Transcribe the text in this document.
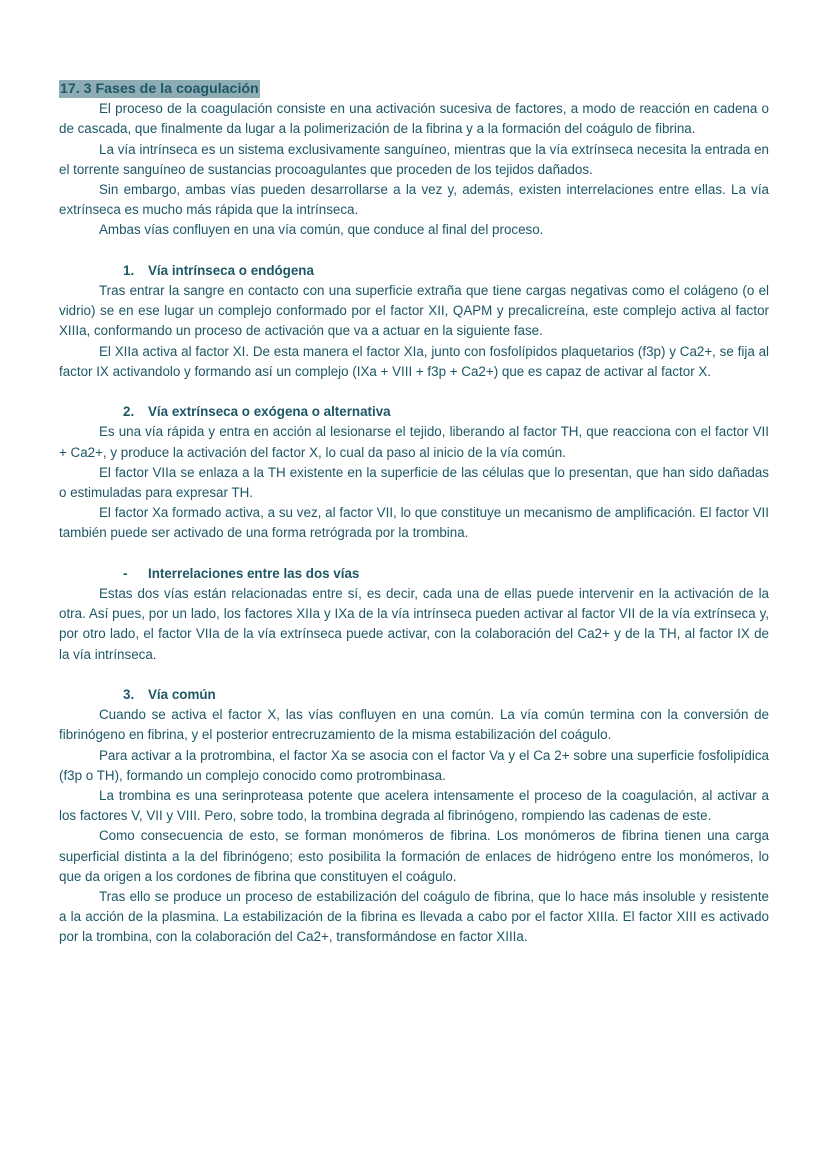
17. 3 Fases de la coagulación

El proceso de la coagulación consiste en una activación sucesiva de factores, a modo de reacción en cadena o de cascada, que finalmente da lugar a la polimerización de la fibrina y a la formación del coágulo de fibrina.

La vía intrínseca es un sistema exclusivamente sanguíneo, mientras que la vía extrínseca necesita la entrada en el torrente sanguíneo de sustancias procoagulantes que proceden de los tejidos dañados.

Sin embargo, ambas vías pueden desarrollarse a la vez y, además, existen interrelaciones entre ellas. La vía extrínseca es mucho más rápida que la intrínseca.

Ambas vías confluyen en una vía común, que conduce al final del proceso.

1. Vía intrínseca o endógena

Tras entrar la sangre en contacto con una superficie extraña que tiene cargas negativas como el colágeno (o el vidrio) se en ese lugar un complejo conformado por el factor XII, QAPM y precalicreína, este complejo activa al factor XIIIa, conformando un proceso de activación que va a actuar en la siguiente fase.

El XIIa activa al factor XI. De esta manera el factor XIa, junto con fosfolípidos plaquetarios (f3p) y Ca2+, se fija al factor IX activandolo y formando así un complejo (IXa + VIII + f3p + Ca2+) que es capaz de activar al factor X.

2. Vía extrínseca o exógena o alternativa

Es una vía rápida y entra en acción al lesionarse el tejido, liberando al factor TH, que reacciona con el factor VII + Ca2+, y produce la activación del factor X, lo cual da paso al inicio de la vía común.

El factor VIIa se enlaza a la TH existente en la superficie de las células que lo presentan, que han sido dañadas o estimuladas para expresar TH.

El factor Xa formado activa, a su vez, al factor VII, lo que constituye un mecanismo de amplificación. El factor VII también puede ser activado de una forma retrógrada por la trombina.

- Interrelaciones entre las dos vías

Estas dos vías están relacionadas entre sí, es decir, cada una de ellas puede intervenir en la activación de la otra. Así pues, por un lado, los factores XIIa y IXa de la vía intrínseca pueden activar al factor VII de la vía extrínseca y, por otro lado, el factor VIIa de la vía extrínseca puede activar, con la colaboración del Ca2+ y de la TH, al factor IX de la vía intrínseca.

3. Vía común

Cuando se activa el factor X, las vías confluyen en una común. La vía común termina con la conversión de fibrinógeno en fibrina, y el posterior entrecruzamiento de la misma estabilización del coágulo.

Para activar a la protrombina, el factor Xa se asocia con el factor Va y el Ca 2+ sobre una superficie fosfolipídica (f3p o TH), formando un complejo conocido como protrombinasa.

La trombina es una serinproteasa potente que acelera intensamente el proceso de la coagulación, al activar a los factores V, VII y VIII. Pero, sobre todo, la trombina degrada al fibrinógeno, rompiendo las cadenas de este.

Como consecuencia de esto, se forman monómeros de fibrina. Los monómeros de fibrina tienen una carga superficial distinta a la del fibrinógeno; esto posibilita la formación de enlaces de hidrógeno entre los monómeros, lo que da origen a los cordones de fibrina que constituyen el coágulo.

Tras ello se produce un proceso de estabilización del coágulo de fibrina, que lo hace más insoluble y resistente a la acción de la plasmina. La estabilización de la fibrina es llevada a cabo por el factor XIIIa. El factor XIII es activado por la trombina, con la colaboración del Ca2+, transformándose en factor XIIIa.
